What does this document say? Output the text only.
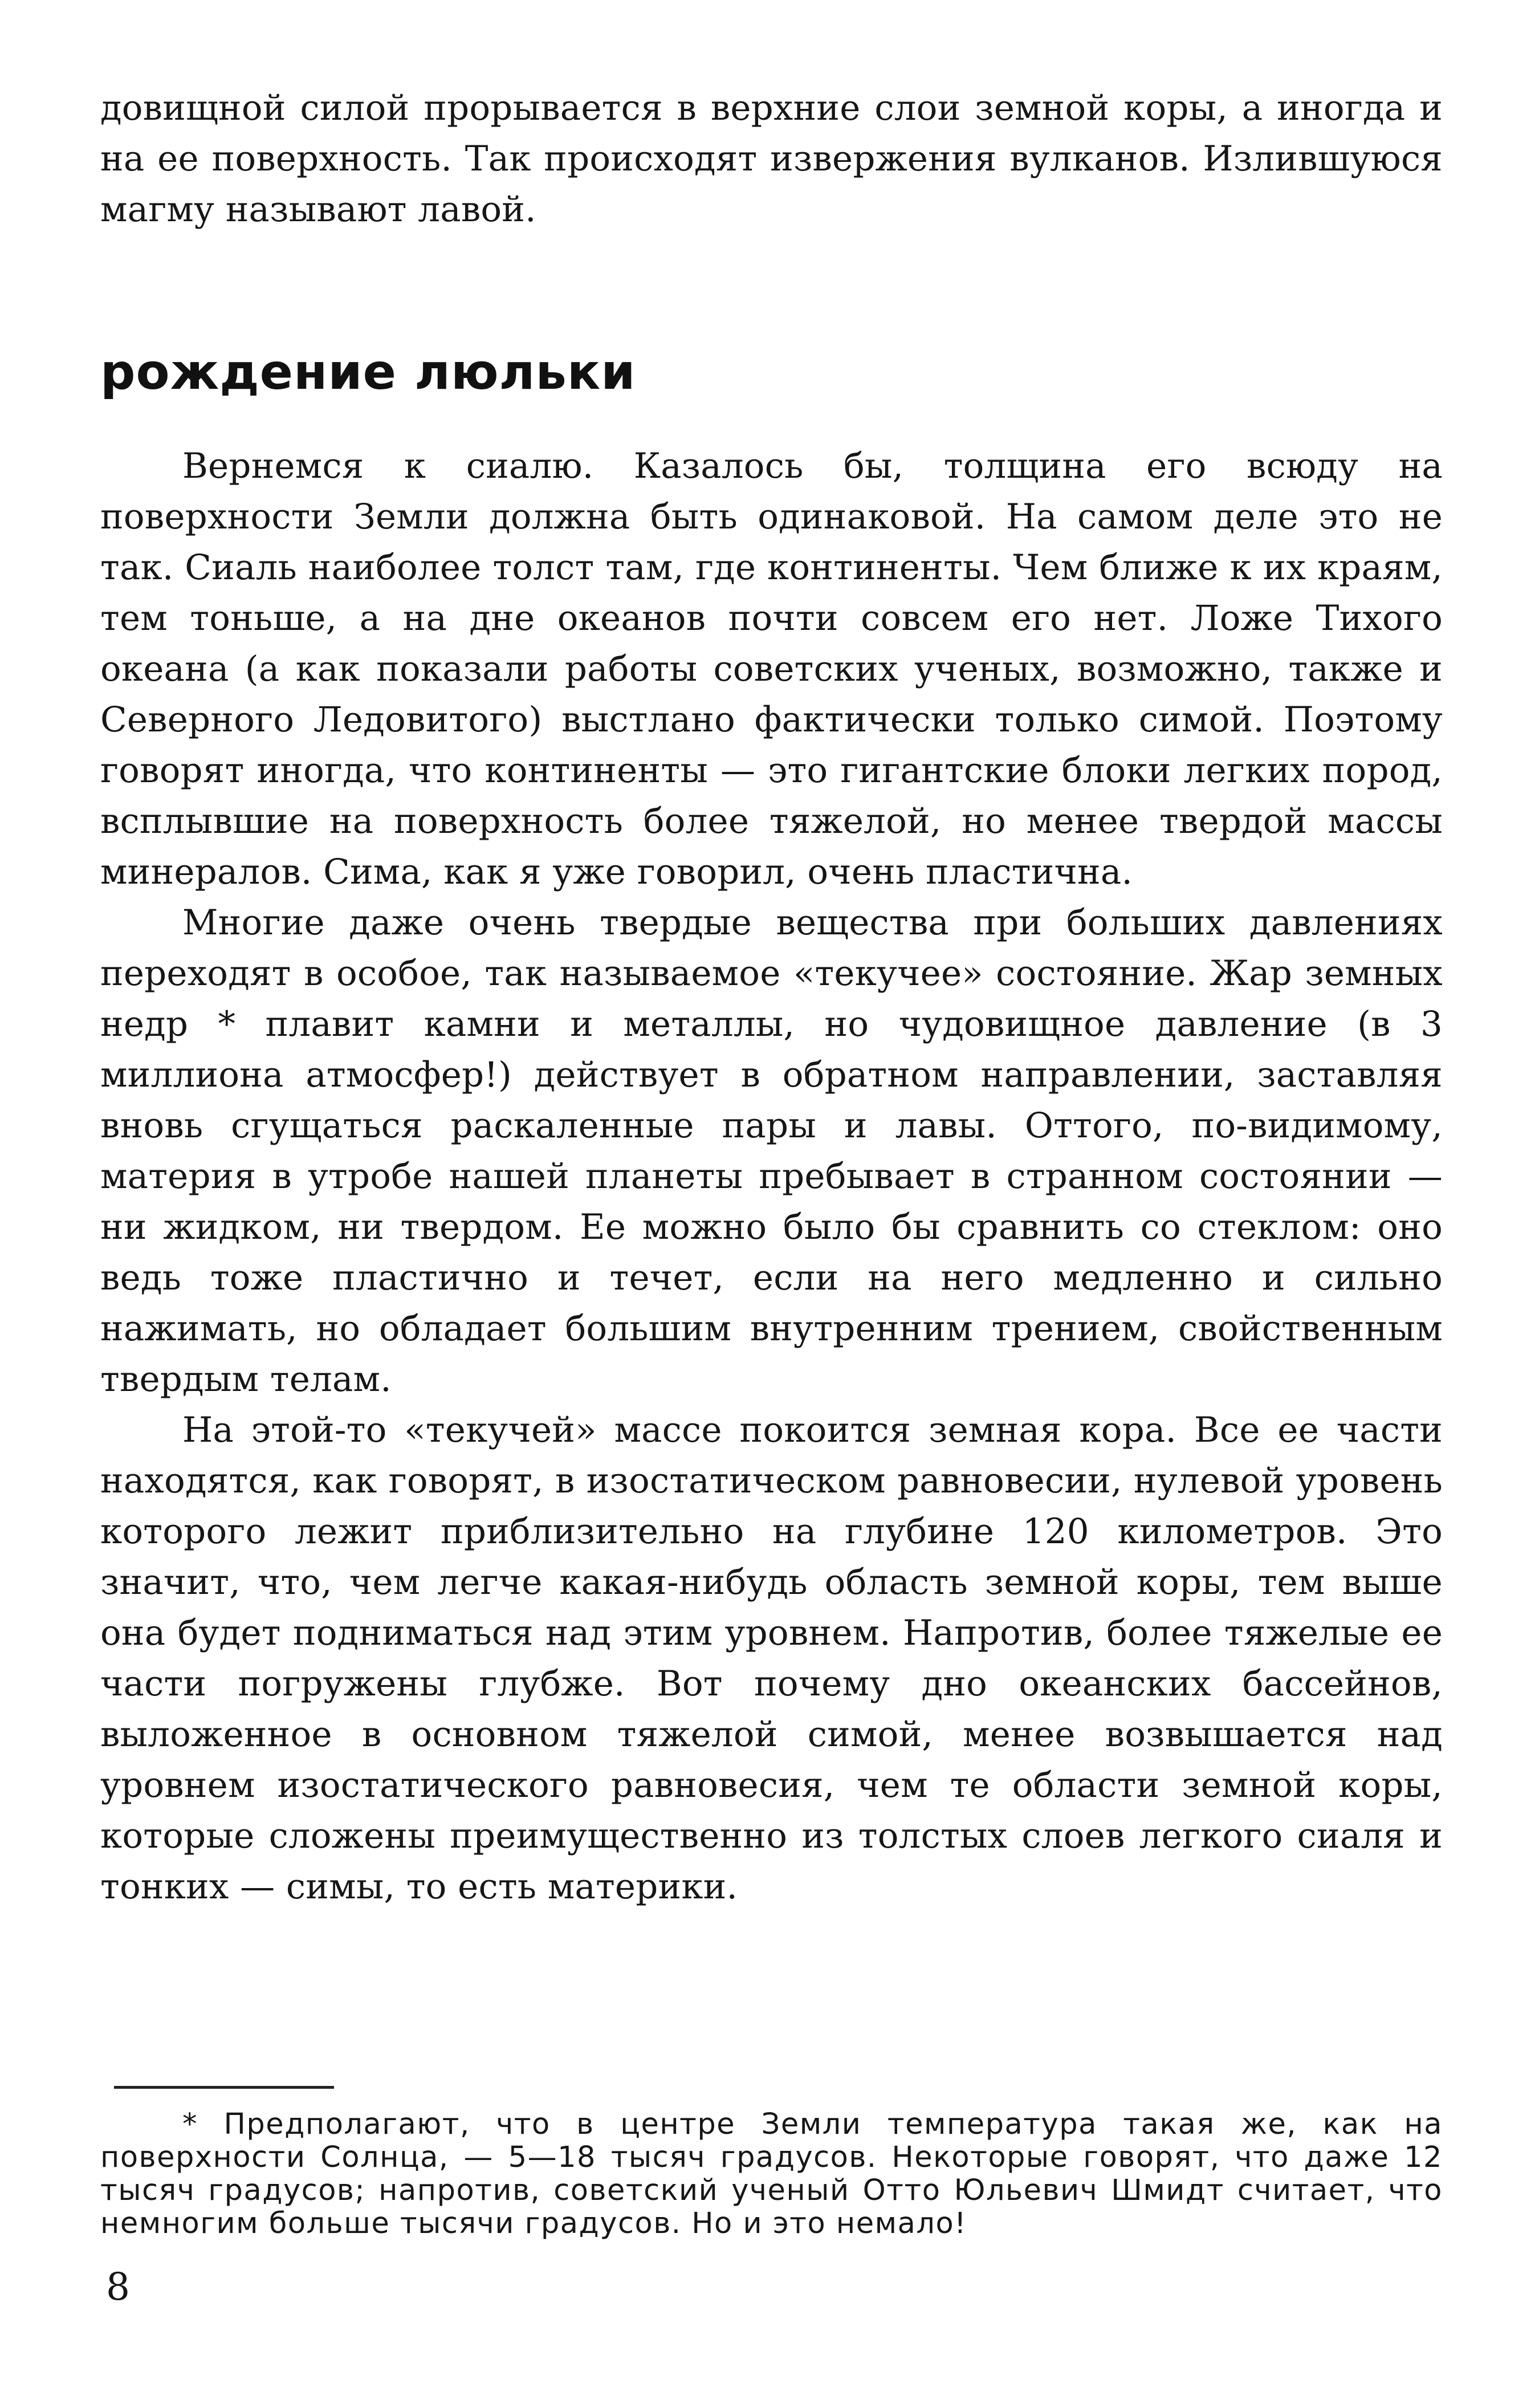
довищной силой прорывается в верхние слои земной коры, а иногда и на ее поверхность. Так происходят извержения вулканов. Излившуюся магму называют лавой.

рождение люльки

Вернемся к сиалю. Казалось бы, толщина его всюду на поверхности Земли должна быть одинаковой. На самом деле это не так. Сиаль наиболее толст там, где континенты. Чем ближе к их краям, тем тоньше, а на дне океанов почти совсем его нет. Ложе Тихого океана (а как показали работы советских ученых, возможно, также и Северного Ледовитого) выстлано фактически только симой. Поэтому говорят иногда, что континенты — это гигантские блоки легких пород, всплывшие на поверхность более тяжелой, но менее твердой массы минералов. Сима, как я уже говорил, очень пластична.

Многие даже очень твердые вещества при больших давлениях переходят в особое, так называемое «текучее» состояние. Жар земных недр * плавит камни и металлы, но чудовищное давление (в 3 миллиона атмосфер!) действует в обратном направлении, заставляя вновь сгущаться раскаленные пары и лавы. Оттого, по-видимому, материя в утробе нашей планеты пребывает в странном состоянии — ни жидком, ни твердом. Ее можно было бы сравнить со стеклом: оно ведь тоже пластично и течет, если на него медленно и сильно нажимать, но обладает большим внутренним трением, свойственным твердым телам.

На этой-то «текучей» массе покоится земная кора. Все ее части находятся, как говорят, в изостатическом равновесии, нулевой уровень которого лежит приблизительно на глубине 120 километров. Это значит, что, чем легче какая-нибудь область земной коры, тем выше она будет подниматься над этим уровнем. Напротив, более тяжелые ее части погружены глубже. Вот почему дно океанских бассейнов, выложенное в основном тяжелой симой, менее возвышается над уровнем изостатического равновесия, чем те области земной коры, которые сложены преимущественно из толстых слоев легкого сиаля и тонких — симы, то есть материки.

* Предполагают, что в центре Земли температура такая же, как на поверхности Солнца, — 5—18 тысяч градусов. Некоторые говорят, что даже 12 тысяч градусов; напротив, советский ученый Отто Юльевич Шмидт считает, что немногим больше тысячи градусов. Но и это немало!

8
